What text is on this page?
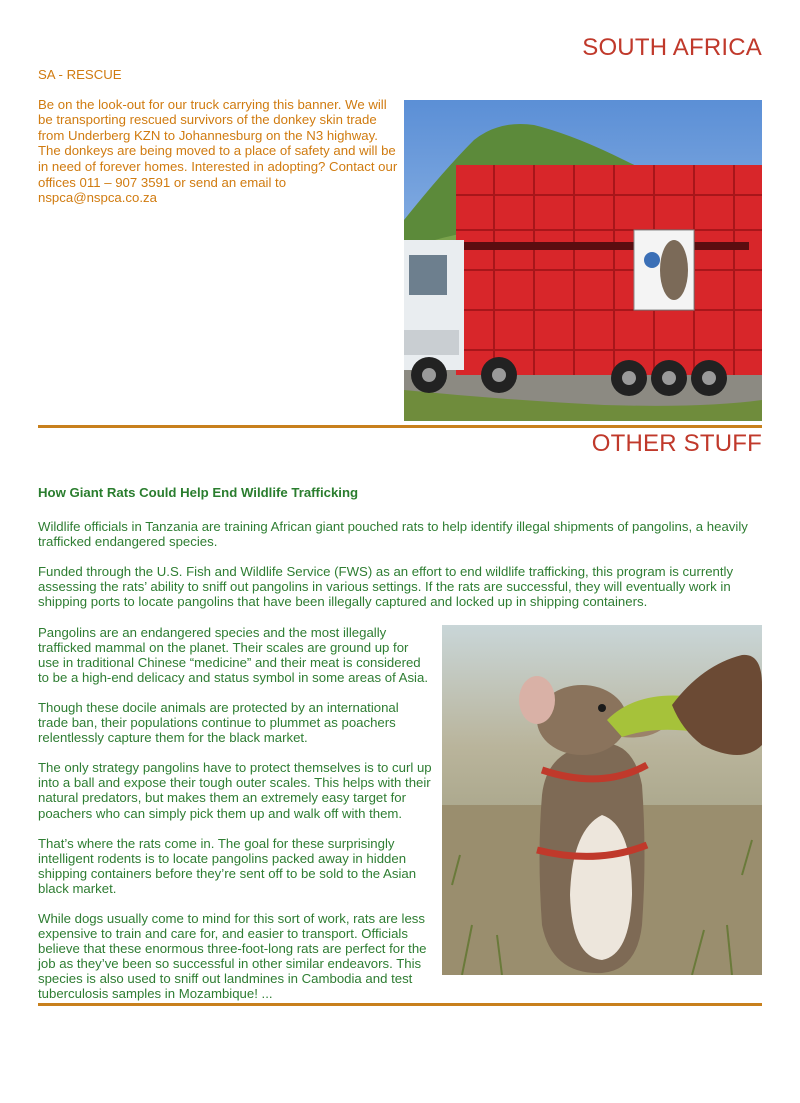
SOUTH AFRICA

SA - RESCUE

Be on the look-out for our truck carrying this banner. We will be transporting rescued survivors of the donkey skin trade from Underberg KZN to Johannesburg on the N3 highway. The donkeys are being moved to a place of safety and will be in need of forever homes. Interested in adopting? Contact our offices 011 – 907 3591 or send an email to nspca@nspca.co.za

OTHER STUFF
How Giant Rats Could Help End Wildlife Trafficking

Wildlife officials in Tanzania are training African giant pouched rats to help identify illegal shipments of pangolins, a heavily trafficked endangered species.

Funded through the U.S. Fish and Wildlife Service (FWS) as an effort to end wildlife trafficking, this program is currently assessing the rats’ ability to sniff out pangolins in various settings. If the rats are successful, they will eventually work in shipping ports to locate pangolins that have been illegally captured and locked up in shipping containers.

Pangolins are an endangered species and the most illegally trafficked mammal on the planet. Their scales are ground up for use in traditional Chinese “medicine” and their meat is considered to be a high-end delicacy and status symbol in some areas of Asia.

Though these docile animals are protected by an international trade ban, their populations continue to plummet as poachers relentlessly capture them for the black market.

The only strategy pangolins have to protect themselves is to curl up into a ball and expose their tough outer scales. This helps with their natural predators, but makes them an extremely easy target for poachers who can simply pick them up and walk off with them.

That’s where the rats come in. The goal for these surprisingly intelligent rodents is to locate pangolins packed away in hidden shipping containers before they’re sent off to be sold to the Asian black market.

While dogs usually come to mind for this sort of work, rats are less expensive to train and care for, and easier to transport. Officials believe that these enormous three-foot-long rats are perfect for the job as they’ve been so successful in other similar endeavors. This species is also used to sniff out landmines in Cambodia and test tuberculosis samples in Mozambique! ...
